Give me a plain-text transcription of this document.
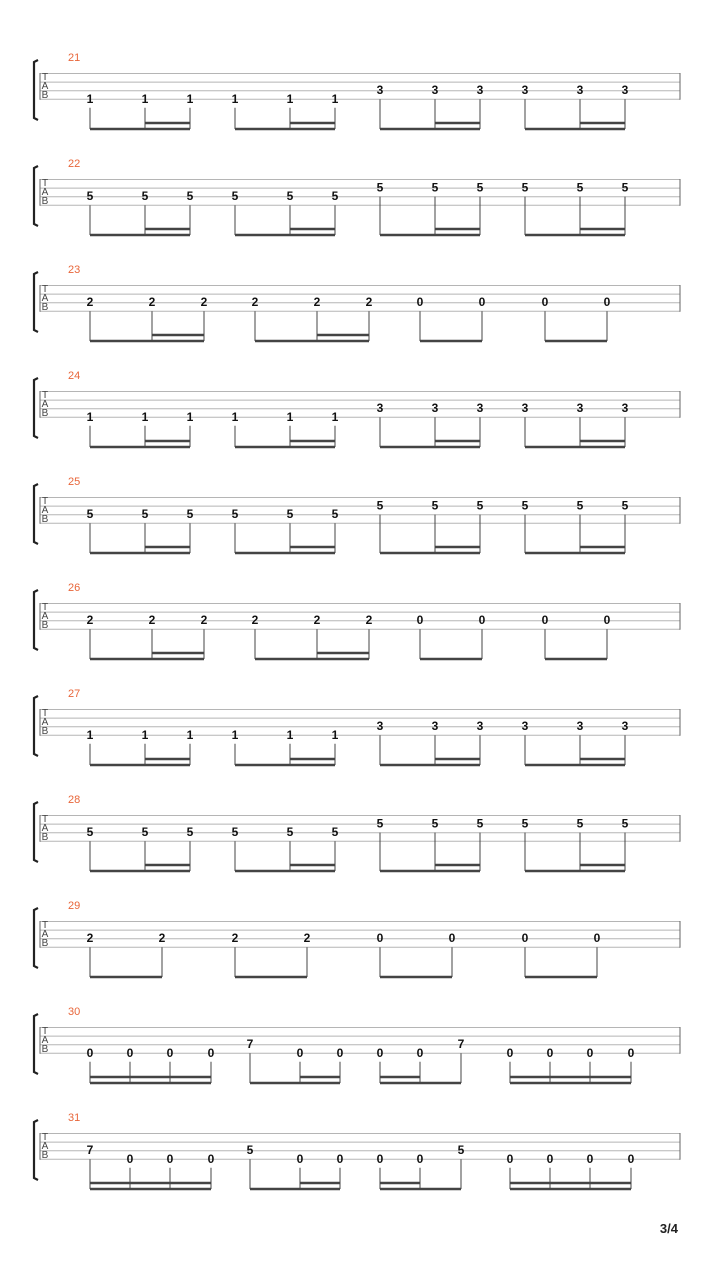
21
T
A
B	1	1	1	1	1	1
3	3	3	3	3	3
22
T
A
B	5	5	5	5	5	5
5	5	5	5	5	5
23
T
A
B	2	2	2	2	2	2	0	0	0	0
24
T
A
B	1	1	1	1	1	1
3	3	3	3	3	3
25
T
A
B	5	5	5	5	5	5
5	5	5	5	5	5
26
T
A
B	2	2	2	2	2	2	0	0	0	0
27
T
A
B	1	1	1	1	1	1
3	3	3	3	3	3
28
T
A
B	5	5	5	5	5	5
5	5	5	5	5	5
29
T
A
B	2	2	2	2	0	0	0	0
30
T
A
B	0	0	0	0
7
0	0	0	0
7
0	0	0	0
31
T
A
B	7
0	0	0
5
0	0	0	0
5
0	0	0	0
3/4
